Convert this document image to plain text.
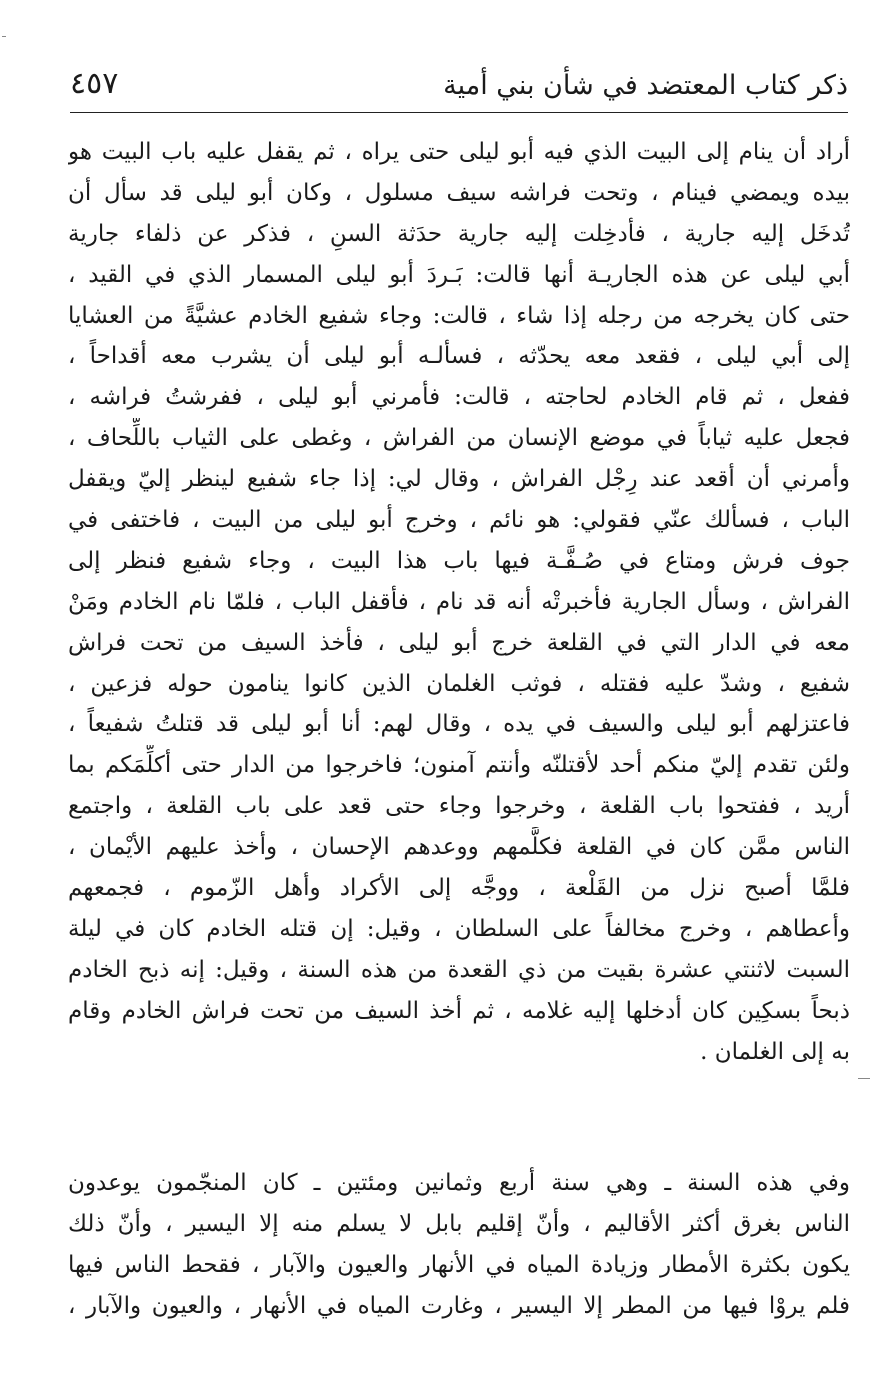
ذكر كتاب المعتضد في شأن بني أمية
٤٥٧
أراد أن ينام إلى البيت الذي فيه أبو ليلى حتى يراه ، ثم يقفل عليه باب البيت هو
بيده ويمضي فينام ، وتحت فراشه سيف مسلول ، وكان أبو ليلى قد سأل أن
تُدخَل إليه جارية ، فأدخِلت إليه جارية حدَثة السنِ ، فذكر عن ذلفاء جارية
أبي ليلى عن هذه الجاريـة أنها قالت: بَـردَ أبو ليلى المسمار الذي في القيد ،
حتى كان يخرجه من رجله إذا شاء ، قالت: وجاء شفيع الخادم عشيَّةً من العشايا
إلى أبي ليلى ، فقعد معه يحدّثه ، فسألـه أبو ليلى أن يشرب معه أقداحاً ،
ففعل ، ثم قام الخادم لحاجته ، قالت: فأمرني أبو ليلى ، ففرشتُ فراشه ،
فجعل عليه ثياباً في موضع الإنسان من الفراش ، وغطى على الثياب باللِّحاف ،
وأمرني أن أقعد عند رِجْل الفراش ، وقال لي: إذا جاء شفيع لينظر إليّ ويقفل
الباب ، فسألك عنّي فقولي: هو نائم ، وخرج أبو ليلى من البيت ، فاختفى في
جوف فرش ومتاع في صُـفَّـة فيها باب هذا البيت ، وجاء شفيع فنظر إلى
الفراش ، وسأل الجارية فأخبرتْه أنه قد نام ، فأقفل الباب ، فلمّا نام الخادم ومَنْ
معه في الدار التي في القلعة خرج أبو ليلى ، فأخذ السيف من تحت فراش
شفيع ، وشدّ عليه فقتله ، فوثب الغلمان الذين كانوا ينامون حوله فزعين ،
فاعتزلهم أبو ليلى والسيف في يده ، وقال لهم: أنا أبو ليلى قد قتلتُ شفيعاً ،
ولئن تقدم إليّ منكم أحد لأقتلنّه وأنتم آمنون؛ فاخرجوا من الدار حتى أكلِّمَكم بما
أريد ، ففتحوا باب القلعة ، وخرجوا وجاء حتى قعد على باب القلعة ، واجتمع
الناس ممَّن كان في القلعة فكلَّمهم ووعدهم الإحسان ، وأخذ عليهم الأيْمان ،
فلمَّا أصبح نزل من القَلْعة ، ووجَّه إلى الأكراد وأهل الزّموم ، فجمعهم
وأعطاهم ، وخرج مخالفاً على السلطان ، وقيل: إن قتله الخادم كان في ليلة
السبت لاثنتي عشرة بقيت من ذي القعدة من هذه السنة ، وقيل: إنه ذبح الخادم
ذبحاً بسكِين كان أدخلها إليه غلامه ، ثم أخذ السيف من تحت فراش الخادم وقام
به إلى الغلمان .
وفي هذه السنة ـ وهي سنة أربع وثمانين ومئتين ـ كان المنجّمون يوعدون
الناس بغرق أكثر الأقاليم ، وأنّ إقليم بابل لا يسلم منه إلا اليسير ، وأنّ ذلك
يكون بكثرة الأمطار وزيادة المياه في الأنهار والعيون والآبار ، فقحط الناس فيها
فلم يروْا فيها من المطر إلا اليسير ، وغارت المياه في الأنهار ، والعيون والآبار ،
